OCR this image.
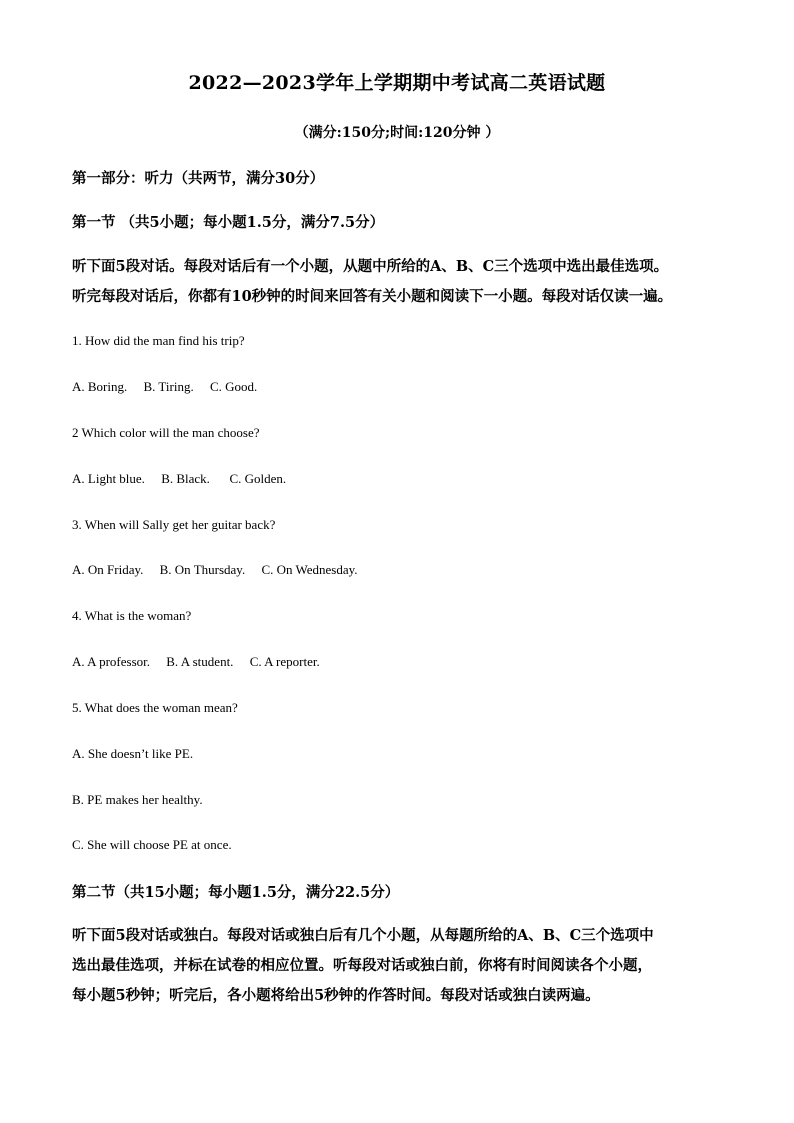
2022—2023学年上学期期中考试高二英语试题
（满分:150分;时间:120分钟 ）
第一部分：听力（共两节，满分30分）
第一节 （共5小题；每小题1.5分，满分7.5分）
听下面5段对话。每段对话后有一个小题，从题中所给的A、B、C三个选项中选出最佳选项。
听完每段对话后，你都有10秒钟的时间来回答有关小题和阅读下一小题。每段对话仅读一遍。
1. How did the man find his trip?
A. Boring. B. Tiring. C. Good.
2 Which color will the man choose?
A. Light blue. B. Black. C. Golden.
3. When will Sally get her guitar back?
A. On Friday. B. On Thursday. C. On Wednesday.
4. What is the woman?
A. A professor. B. A student. C. A reporter.
5. What does the woman mean?
A. She doesn’t like PE.
B. PE makes her healthy.
C. She will choose PE at once.
第二节（共15小题；每小题1.5分，满分22.5分）
听下面5段对话或独白。每段对话或独白后有几个小题，从每题所给的A、B、C三个选项中
选出最佳选项，并标在试卷的相应位置。听每段对话或独白前，你将有时间阅读各个小题，
每小题5秒钟；听完后，各小题将给出5秒钟的作答时间。每段对话或独白读两遍。
